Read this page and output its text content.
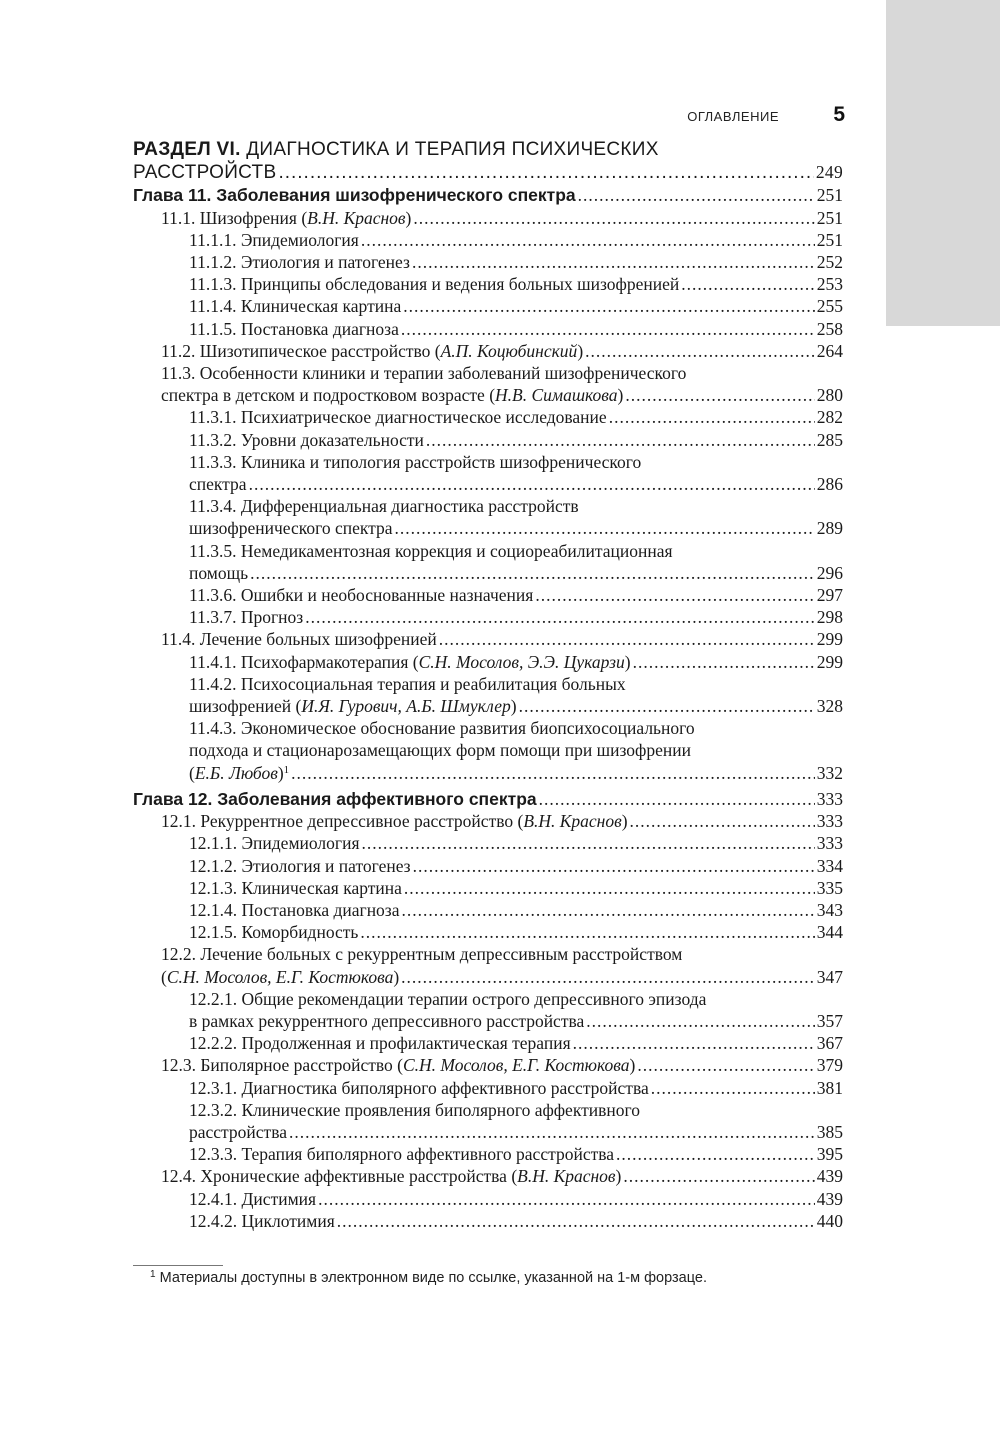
ОГЛАВЛЕНИЕ	5
РАЗДЕЛ VI. ДИАГНОСТИКА И ТЕРАПИЯ ПСИХИЧЕСКИХ
РАССТРОЙСТВ .....	249
Глава 11. Заболевания шизофренического спектра .....	251
11.1. Шизофрения (В.Н. Краснов) .....	251
11.1.1. Эпидемиология .....	251
11.1.2. Этиология и патогенез .....	252
11.1.3. Принципы обследования и ведения больных шизофренией .....	253
11.1.4. Клиническая картина .....	255
11.1.5. Постановка диагноза .....	258
11.2. Шизотипическое расстройство (А.П. Коцюбинский) .....	264
11.3. Особенности клиники и терапии заболеваний шизофренического
спектра в детском и подростковом возрасте (Н.В. Симашкова) .....	280
11.3.1. Психиатрическое диагностическое исследование .....	282
11.3.2. Уровни доказательности .....	285
11.3.3. Клиника и типология расстройств шизофренического
спектра .....	286
11.3.4. Дифференциальная диагностика расстройств
шизофренического спектра .....	289
11.3.5. Немедикаментозная коррекция и социореабилитационная
помощь .....	296
11.3.6. Ошибки и необоснованные назначения .....	297
11.3.7. Прогноз .....	298
11.4. Лечение больных шизофренией .....	299
11.4.1. Психофармакотерапия (С.Н. Мосолов, Э.Э. Цукарзи) .....	299
11.4.2. Психосоциальная терапия и реабилитация больных
шизофренией (И.Я. Гурович, А.Б. Шмуклер) .....	328
11.4.3. Экономическое обоснование развития биопсихосоциального
подхода и стационарозамещающих форм помощи при шизофрении
(Е.Б. Любов)$^1$ .....	332
Глава 12. Заболевания аффективного спектра .....	333
12.1. Рекуррентное депрессивное расстройство (В.Н. Краснов) .....	333
12.1.1. Эпидемиология .....	333
12.1.2. Этиология и патогенез .....	334
12.1.3. Клиническая картина .....	335
12.1.4. Постановка диагноза .....	343
12.1.5. Коморбидность .....	344
12.2. Лечение больных с рекуррентным депрессивным расстройством
(С.Н. Мосолов, Е.Г. Костюкова) .....	347
12.2.1. Общие рекомендации терапии острого депрессивного эпизода
в рамках рекуррентного депрессивного расстройства .....	357
12.2.2. Продолженная и профилактическая терапия .....	367
12.3. Биполярное расстройство (С.Н. Мосолов, Е.Г. Костюкова) .....	379
12.3.1. Диагностика биполярного аффективного расстройства .....	381
12.3.2. Клинические проявления биполярного аффективного
расстройства .....	385
12.3.3. Терапия биполярного аффективного расстройства .....	395
12.4. Хронические аффективные расстройства (В.Н. Краснов) .....	439
12.4.1. Дистимия .....	439
12.4.2. Циклотимия .....	440
$^1$ Материалы доступны в электронном виде по ссылке, указанной на 1-м форзаце.
